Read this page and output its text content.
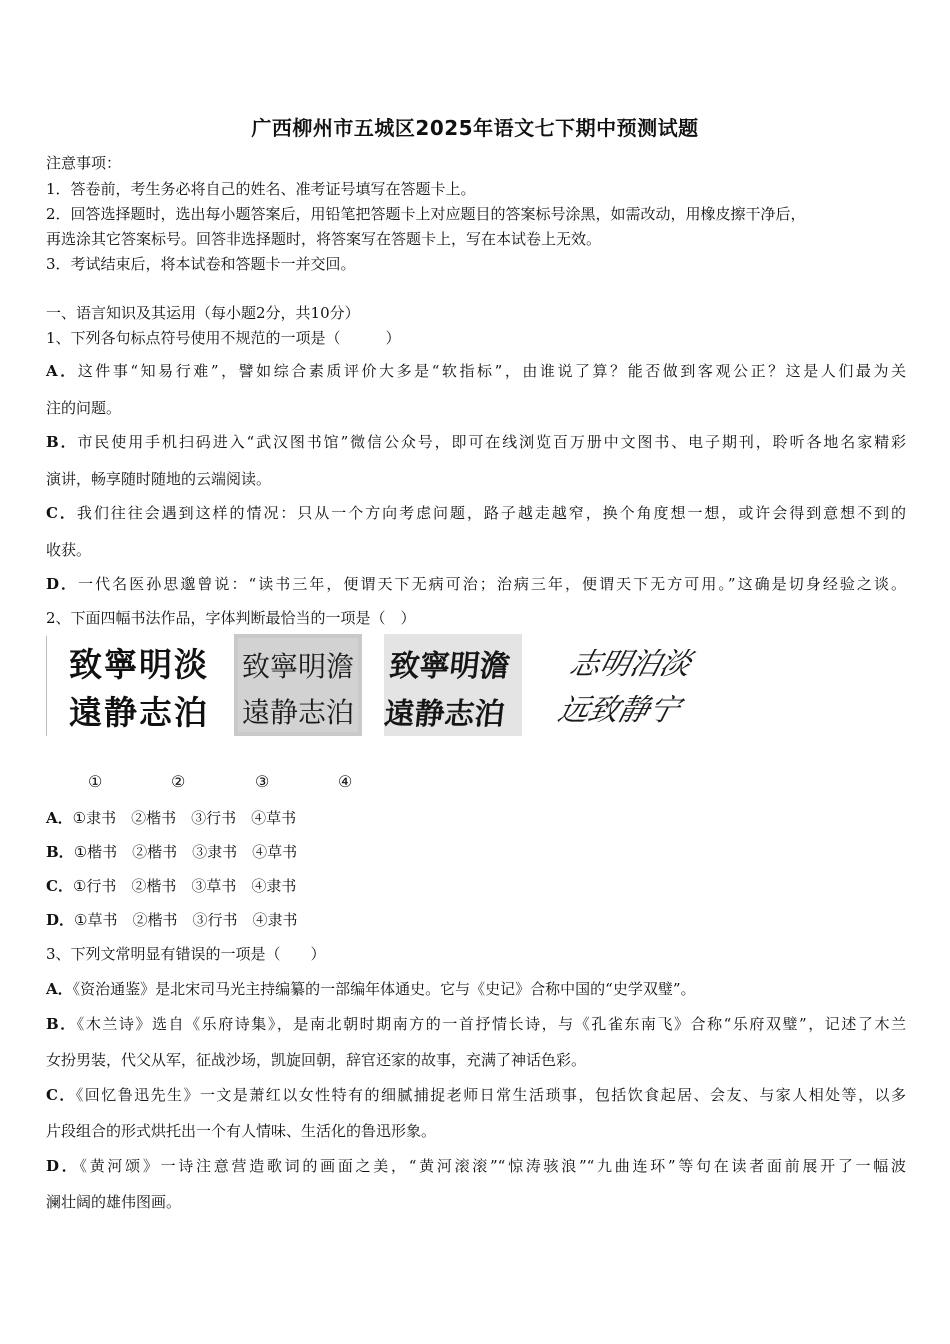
广西柳州市五城区2025年语文七下期中预测试题
注意事项：
1．答卷前，考生务必将自己的姓名、准考证号填写在答题卡上。
2．回答选择题时，选出每小题答案后，用铅笔把答题卡上对应题目的答案标号涂黑，如需改动，用橡皮擦干净后，
再选涂其它答案标号。回答非选择题时，将答案写在答题卡上，写在本试卷上无效。
3．考试结束后，将本试卷和答题卡一并交回。
一、语言知识及其运用（每小题2分，共10分）
1、下列各句标点符号使用不规范的一项是（　　　）
A．这件事“知易行难”，譬如综合素质评价大多是“软指标”，由谁说了算？能否做到客观公正？这是人们最为关
注的问题。
B．市民使用手机扫码进入“武汉图书馆”微信公众号，即可在线浏览百万册中文图书、电子期刊，聆听各地名家精彩
演讲，畅享随时随地的云端阅读。
C．我们往往会遇到这样的情况：只从一个方向考虑问题，路子越走越窄，换个角度想一想，或许会得到意想不到的
收获。
D．一代名医孙思邈曾说：“读书三年，便谓天下无病可治；治病三年，便谓天下无方可用。”这确是切身经验之谈。
2、下面四幅书法作品，字体判断最恰当的一项是（　）
致寧明淡
遠静志泊
致寧明澹
遠静志泊
致寧明澹
遠静志泊
志明泊淡
远致静宁
①	②	③	④
A．①隶书　②楷书　③行书　④草书
B．①楷书　②楷书　③隶书　④草书
C．①行书　②楷书　③草书　④隶书
D．①草书　②楷书　③行书　④隶书
3、下列文常明显有错误的一项是（　　）
A．《资治通鉴》是北宋司马光主持编纂的一部编年体通史。它与《史记》合称中国的“史学双璧”。
B．《木兰诗》选自《乐府诗集》，是南北朝时期南方的一首抒情长诗，与《孔雀东南飞》合称“乐府双璧”，记述了木兰
女扮男装，代父从军，征战沙场，凯旋回朝，辞官还家的故事，充满了神话色彩。
C．《回忆鲁迅先生》一文是萧红以女性特有的细腻捕捉老师日常生活琐事，包括饮食起居、会友、与家人相处等，以多
片段组合的形式烘托出一个有人情味、生活化的鲁迅形象。
D．《黄河颂》一诗注意营造歌词的画面之美，“黄河滚滚”“惊涛骇浪”“九曲连环”等句在读者面前展开了一幅波
澜壮阔的雄伟图画。
